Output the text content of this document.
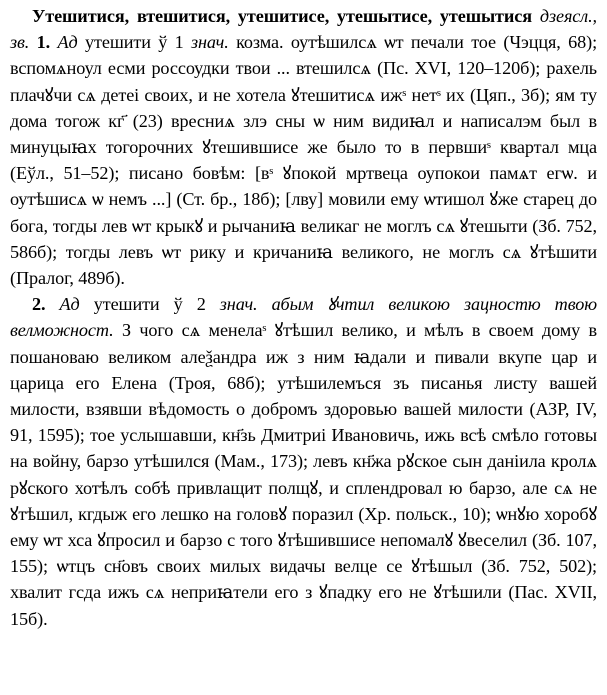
Утешитися, втешитися, утешитисе, утешытисе, утешытися дзеясл., зв. 1. Ад утешити ў 1 знач. козма. оутѣшилсѧ ѡт печали тое (Чэцця, 68); вспомѧноул есми россоудки твои ... втешилсѧ (Пс. XVI, 120–120б); рахель плачꙋчи сѧ детеі своих, и не хотела ꙋтешитисѧ ижˢ нетˢ их (Цяп., 3б); ям ту дома тогож кг҃ (23) вресниѧ злэ сны ѡ ним видиꙗл и написалэм был в минуцыꙗх тогорочних ꙋтешившисе же было то в первшиˢ квартал мца (Еўл., 51–52); писано бовѣм: [вˢ ꙋпокой мртвеца оупокои памѧт егѡ. и оутѣшисѧ ѡ немъ ...] (Ст. бр., 18б); [лву] мовили ему ѡтишол ꙋже старец до бога, тогды лев ѡт крыкꙋ и рычаниꙗ великаг не моглъ сѧ ꙋтешыти (Зб. 752, 586б); тогды левъ ѡт рику и кричаниꙗ великого, не моглъ сѧ ꙋтѣшити (Пралог, 489б).

2. Ад утешити ў 2 знач. абым ꙋчтил великою зацностю твою велможност. З чого сѧ менелаˢ ꙋтѣшил велико, и мѣлъ в своем дому в пошановаю великом алеѯандра иж з ним ꙗдали и пивали вкупе цар и царица его Елена (Троя, 68б); утѣшилемъся зъ писанья листу вашей милости, взявши вѣдомость о добромъ здоровью вашей милости (АЗР, IV, 91, 1595); тое услышавши, кн҃зь Дмитриі Ивановичь, ижь всѣ смѣло готовы на войну, барзо утѣшился (Мам., 173); левъ кн҃жа рꙋское сын данiила кролѧ рꙋского хотѣлъ собѣ привлащит полщꙋ, и сплендровал ю барзо, але сѧ не ꙋтѣшил, кгдыж его лешко на головꙋ поразил (Хр. польск., 10); ѡнꙋю хоробꙋ ему ѡт хса ꙋпросил и барзо с того ꙋтѣшившисе непомалꙋ ꙋвеселил (Зб. 107, 155); ѡтцъ сн҃овъ своих милых видачы велце се ꙋтѣшыл (Зб. 752, 502); хвалит гсда ижъ сѧ неприꙗтели его з ꙋпадку его не ꙋтѣшили (Пас. XVII, 15б).
